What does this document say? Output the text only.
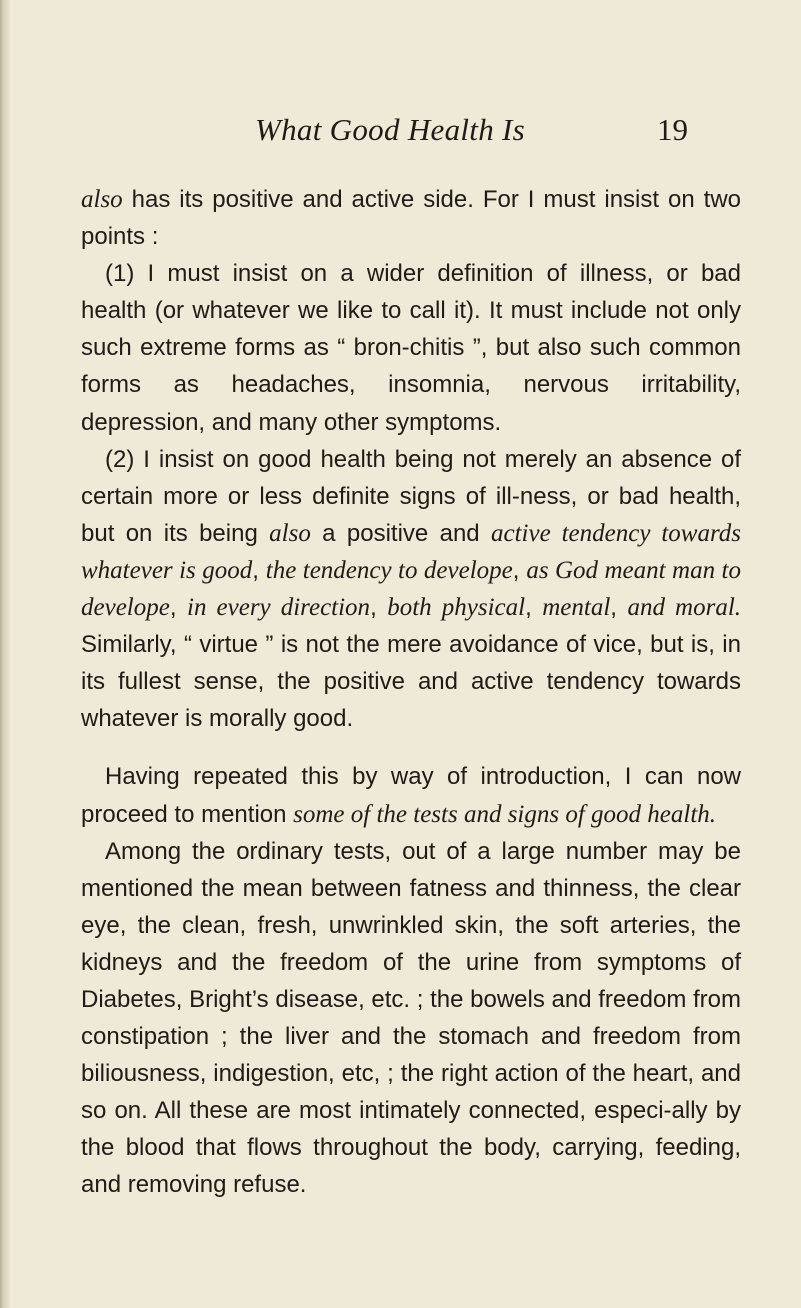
What Good Health Is	19

also has its positive and active side. For I must insist on two points :

(1) I must insist on a wider definition of illness, or bad health (or whatever we like to call it). It must include not only such extreme forms as “ bron-chitis ”, but also such common forms as headaches, insomnia, nervous irritability, depression, and many other symptoms.

(2) I insist on good health being not merely an absence of certain more or less definite signs of ill-ness, or bad health, but on its being also a positive and active tendency towards whatever is good, the tendency to develope, as God meant man to develope, in every direction, both physical, mental, and moral. Similarly, “ virtue ” is not the mere avoidance of vice, but is, in its fullest sense, the positive and active tendency towards whatever is morally good.

Having repeated this by way of introduction, I can now proceed to mention some of the tests and signs of good health.

Among the ordinary tests, out of a large number may be mentioned the mean between fatness and thinness, the clear eye, the clean, fresh, unwrinkled skin, the soft arteries, the kidneys and the freedom of the urine from symptoms of Diabetes, Bright’s disease, etc. ; the bowels and freedom from constipation ; the liver and the stomach and freedom from biliousness, indigestion, etc, ; the right action of the heart, and so on. All these are most intimately connected, especi-ally by the blood that flows throughout the body, carrying, feeding, and removing refuse.
